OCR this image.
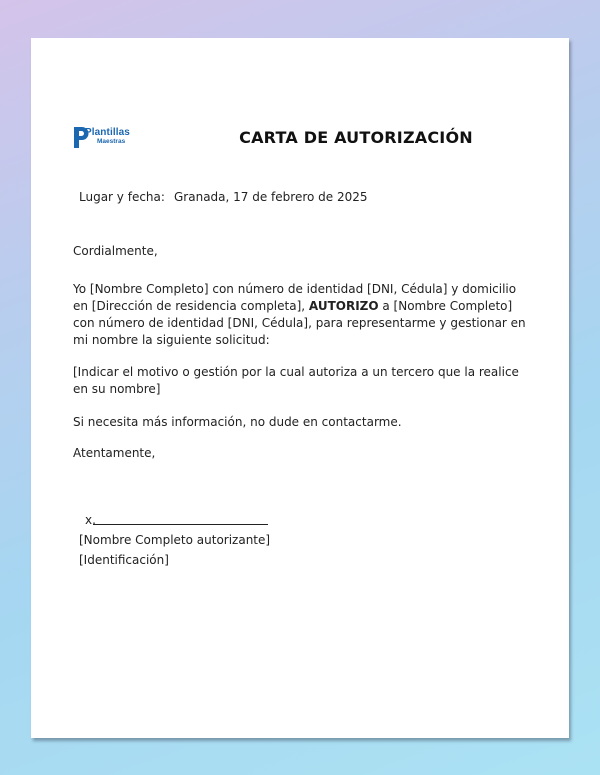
Plantillas
Maestras	CARTA DE AUTORIZACIÓN
Lugar y fecha: Granada, 17 de febrero de 2025
Cordialmente,
Yo [Nombre Completo] con número de identidad [DNI, Cédula] y domicilio en [Dirección de residencia completa], AUTORIZO a [Nombre Completo] con número de identidad [DNI, Cédula], para representarme y gestionar en mi nombre la siguiente solicitud:
[Indicar el motivo o gestión por la cual autoriza a un tercero que la realice en su nombre]
Si necesita más información, no dude en contactarme.
Atentamente,
x.
[Nombre Completo autorizante]
[Identificación]
